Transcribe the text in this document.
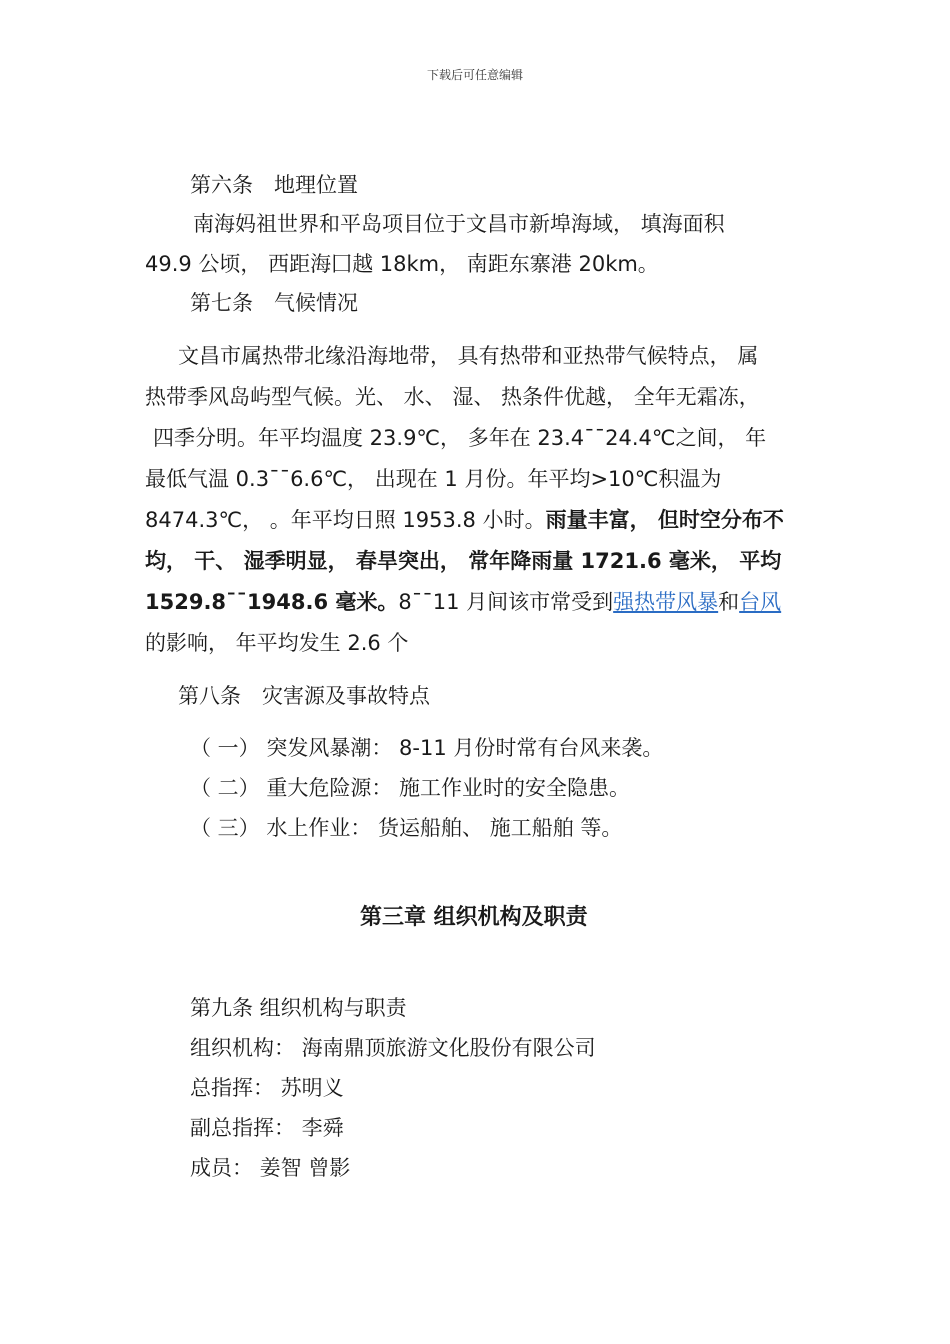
下载后可任意编辑
第六条　地理位置
南海妈祖世界和平岛项目位于文昌市新埠海域， 填海面积
49.9 公顷， 西距海囗越 18km， 南距东寨港 20km。
第七条　气候情况
文昌市属热带北缘沿海地带， 具有热带和亚热带气候特点， 属
热带季风岛屿型气候。光、 水、 湿、 热条件优越， 全年无霜冻，
四季分明。年平均温度 23.9℃， 多年在 23.4¯¯24.4℃之间， 年
最低气温 0.3¯¯6.6℃， 出现在 1 月份。年平均>10℃积温为
8474.3℃， 。年平均日照 1953.8 小时。雨量丰富， 但时空分布不
均， 干、 湿季明显， 春旱突出， 常年降雨量 1721.6 毫米， 平均
1529.8¯¯1948.6 毫米。8¯¯11 月间该市常受到强热带风暴和台风
的影响， 年平均发生 2.6 个
第八条　灾害源及事故特点
（ 一） 突发风暴潮： 8-11 月份时常有台风来袭。
（ 二） 重大危险源： 施工作业时的安全隐患。
（ 三） 水上作业： 货运船舶、 施工船舶 等。
第三章 组织机构及职责
第九条 组织机构与职责
组织机构： 海南鼎顶旅游文化股份有限公司
总指挥： 苏明义
副总指挥： 李舜
成员： 姜智 曾影
